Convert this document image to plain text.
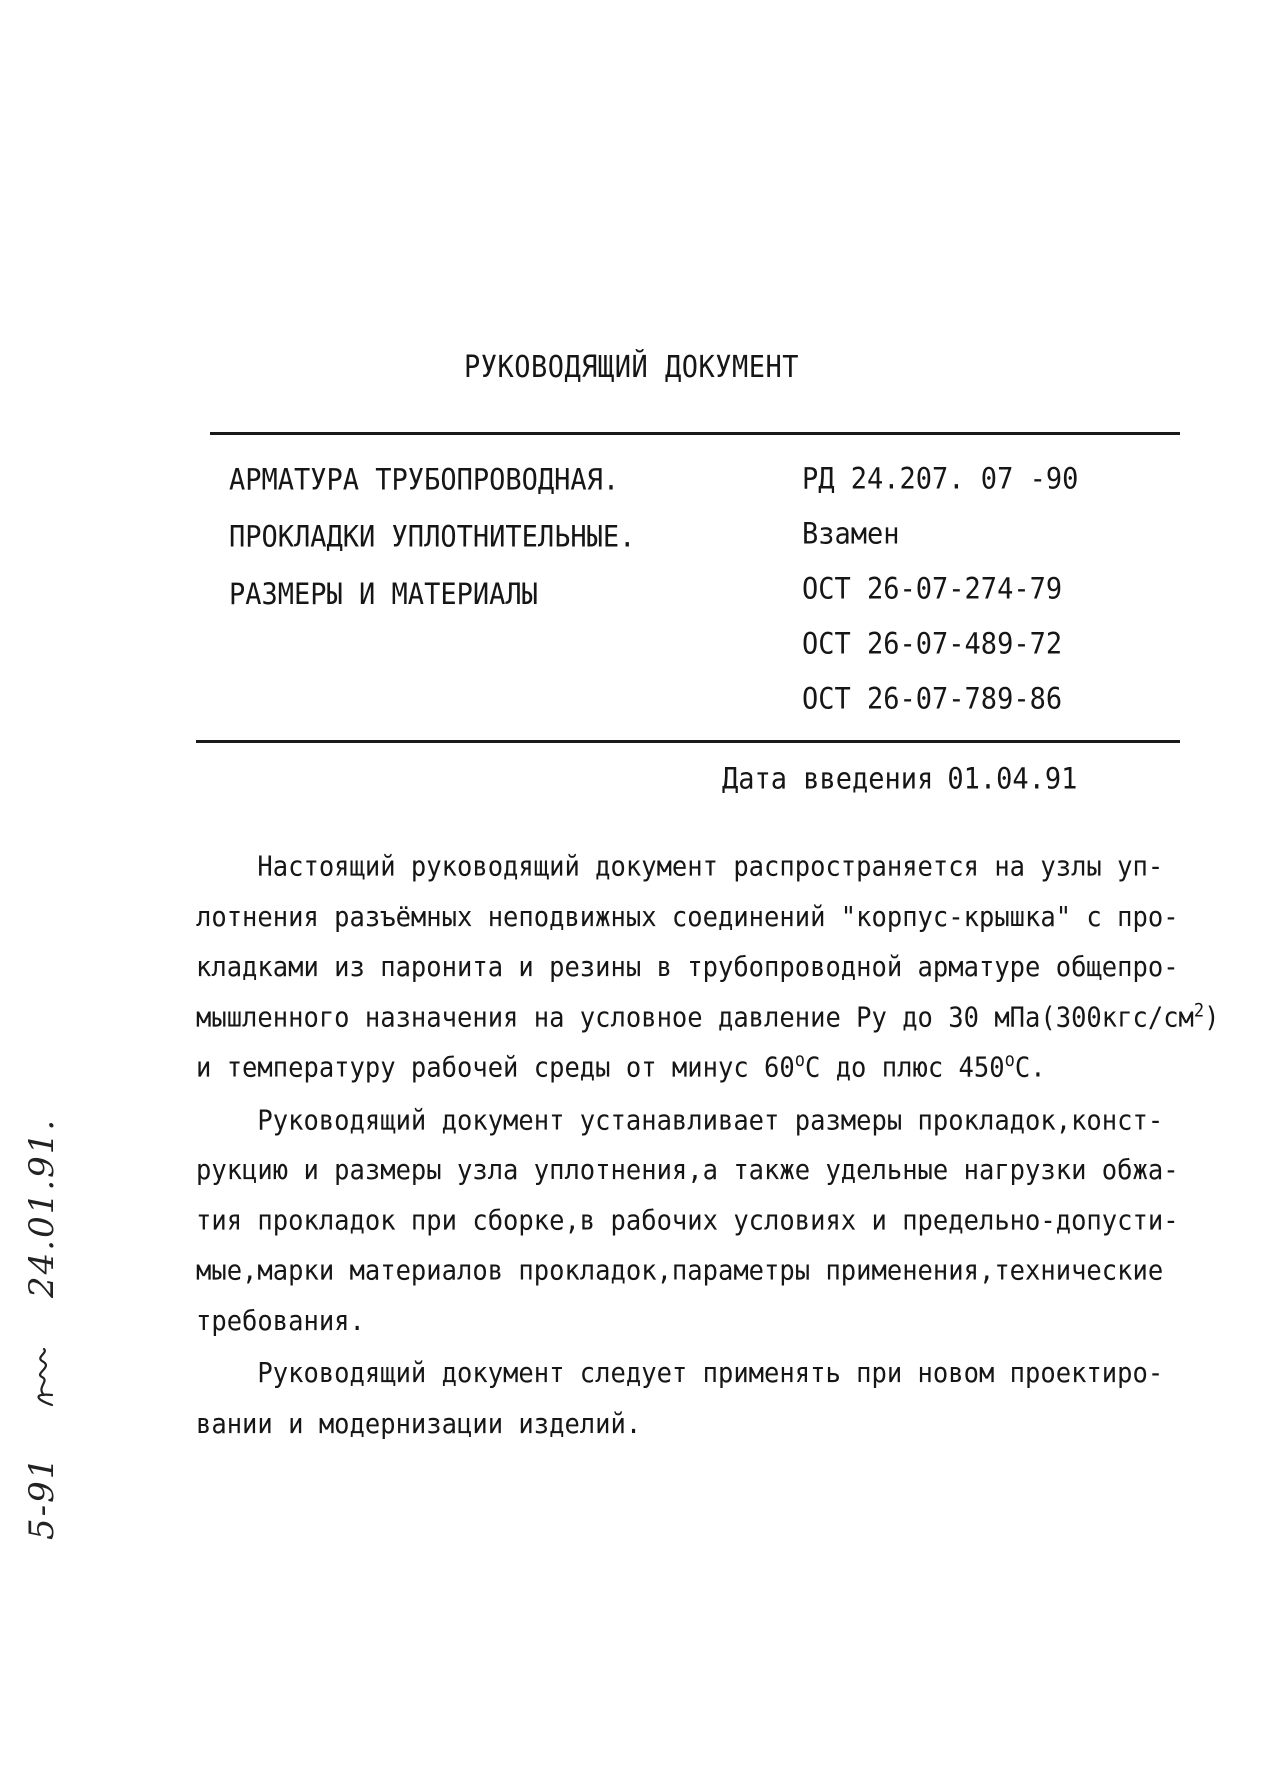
РУКОВОДЯЩИЙ ДОКУМЕНТ
АРМАТУРА ТРУБОПРОВОДНАЯ.
ПРОКЛАДКИ УПЛОТНИТЕЛЬНЫЕ.
РАЗМЕРЫ И МАТЕРИАЛЫ
РД 24.207. 07 -90
Взамен
ОСТ 26-07-274-79
ОСТ 26-07-489-72
ОСТ 26-07-789-86
Дата введения 01.04.91
Настоящий руководящий документ распространяется на узлы уп-
лотнения разъёмных неподвижных соединений "корпус-крышка" с про-
кладками из паронита и резины в трубопроводной арматуре общепро-
мышленного назначения на условное давление Ру до 30 $мПа(300кгс/см^2)$
и температуру рабочей среды от минус $60^оС$ до плюс $450^оС$.
Руководящий документ устанавливает размеры прокладок,конст-
рукцию и размеры узла уплотнения,а также удельные нагрузки обжа-
тия прокладок при сборке,в рабочих условиях и предельно-допусти-
мые,марки материалов прокладок,параметры применения,технические
требования.
Руководящий документ следует применять при новом проектиро-
вании и модернизации изделий.
5-91  24.01.91.
